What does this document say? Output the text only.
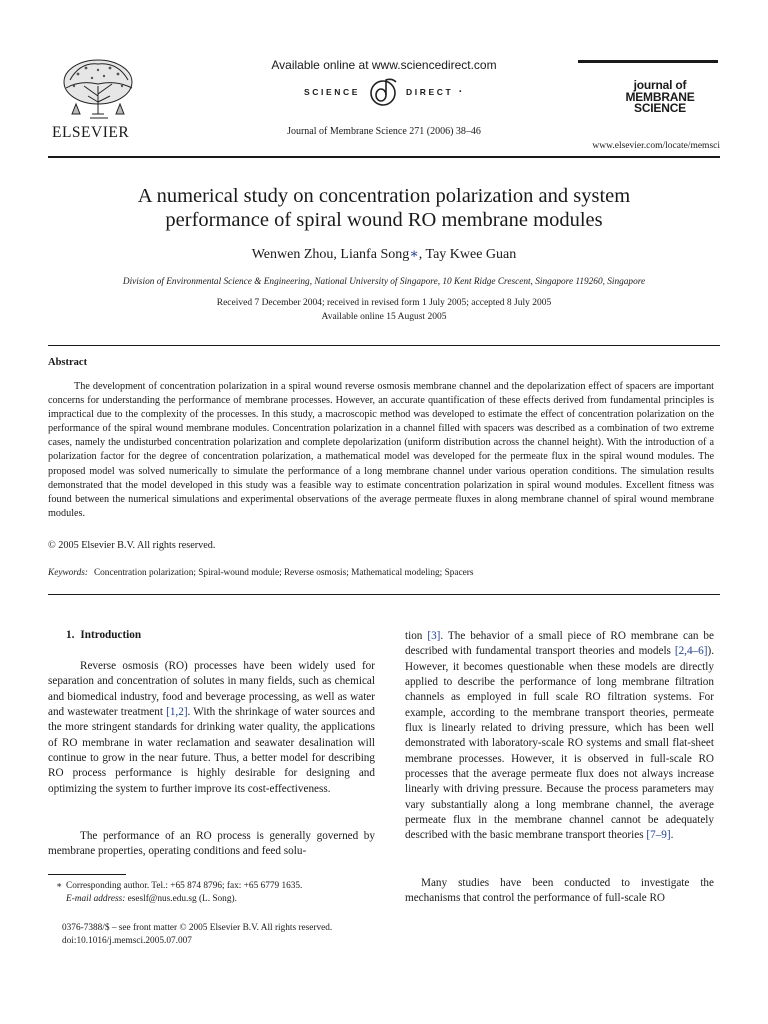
ELSEVIER
Available online at www.sciencedirect.com
SCIENCE	DIRECT •
Journal of Membrane Science 271 (2006) 38–46
journal of
MEMBRANE
SCIENCE
www.elsevier.com/locate/memsci
A numerical study on concentration polarization and system
performance of spiral wound RO membrane modules
Wenwen Zhou, Lianfa Song∗, Tay Kwee Guan
Division of Environmental Science & Engineering, National University of Singapore, 10 Kent Ridge Crescent, Singapore 119260, Singapore
Received 7 December 2004; received in revised form 1 July 2005; accepted 8 July 2005
Available online 15 August 2005
Abstract
The development of concentration polarization in a spiral wound reverse osmosis membrane channel and the depolarization effect of spacers are important concerns for understanding the performance of membrane processes. However, an accurate quantification of these effects derived from fundamental principles is impractical due to the complexity of the processes. In this study, a macroscopic method was developed to estimate the effect of concentration polarization on the performance of the spiral wound membrane modules. Concentration polarization in a channel filled with spacers was described as a combination of two extreme cases, namely the undisturbed concentration polarization and complete depolarization (uniform distribution across the channel height). With the introduction of a polarization factor for the degree of concentration polarization, a mathematical model was developed for the permeate flux in the spiral wound modules. The proposed model was solved numerically to simulate the performance of a long membrane channel under various operation conditions. The simulation results demonstrated that the model developed in this study was a feasible way to estimate concentration polarization in spiral wound modules. Excellent fitness was found between the numerical simulations and experimental observations of the average permeate fluxes in along membrane channel of spiral wound membrane modules.
© 2005 Elsevier B.V. All rights reserved.
Keywords: Concentration polarization; Spiral-wound module; Reverse osmosis; Mathematical modeling; Spacers
1. Introduction
Reverse osmosis (RO) processes have been widely used for separation and concentration of solutes in many fields, such as chemical and biomedical industry, food and beverage processing, as well as water and wastewater treatment [1,2]. With the shrinkage of water sources and the more stringent standards for drinking water quality, the applications of RO membrane in water reclamation and seawater desalination will continue to grow in the near future. Thus, a better model for describing RO process performance is highly desirable for designing and optimizing the system to further improve its cost-effectiveness.
The performance of an RO process is generally governed by membrane properties, operating conditions and feed solu-
∗ Corresponding author. Tel.: +65 874 8796; fax: +65 6779 1635.
E-mail address: eseslf@nus.edu.sg (L. Song).
0376-7388/$ – see front matter © 2005 Elsevier B.V. All rights reserved.
doi:10.1016/j.memsci.2005.07.007
tion [3]. The behavior of a small piece of RO membrane can be described with fundamental transport theories and models [2,4–6]). However, it becomes questionable when these models are directly applied to describe the performance of long membrane filtration channels as employed in full scale RO filtration systems. For example, according to the membrane transport theories, permeate flux is linearly related to driving pressure, which has been well demonstrated with laboratory-scale RO systems and small flat-sheet membrane processes. However, it is observed in full-scale RO processes that the average permeate flux does not always increase linearly with driving pressure. Because the process parameters may vary substantially along a long membrane channel, the average permeate flux in the membrane channel cannot be adequately described with the basic membrane transport theories [7–9].
Many studies have been conducted to investigate the mechanisms that control the performance of full-scale RO
